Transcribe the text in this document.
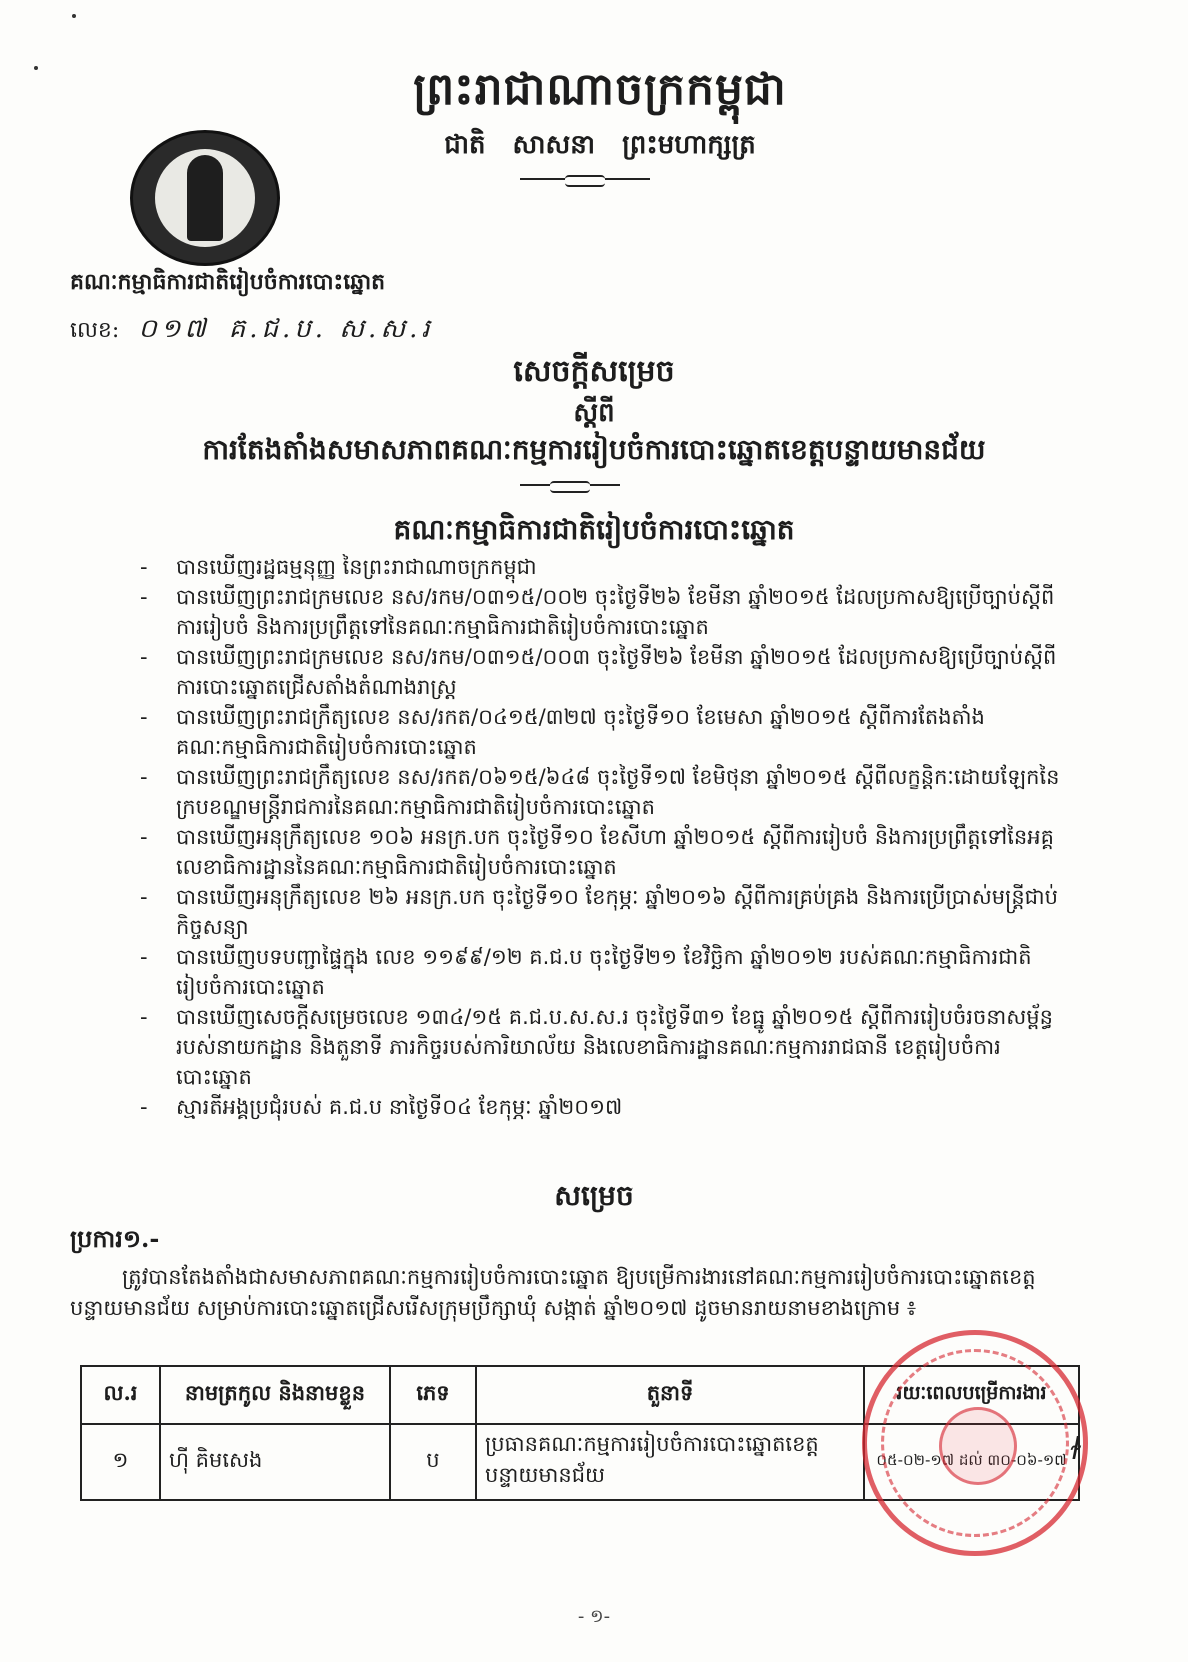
ព្រះរាជាណាចក្រកម្ពុជា
ជាតិ សាសនា ព្រះមហាក្សត្រ
គណៈកម្មាធិការជាតិរៀបចំការបោះឆ្នោត
លេខ: ០១៧ គ.ជ.ប. ស.ស.រ
សេចក្តីសម្រេច
ស្តីពី
ការតែងតាំងសមាសភាពគណៈកម្មការរៀបចំការបោះឆ្នោតខេត្តបន្ទាយមានជ័យ
គណៈកម្មាធិការជាតិរៀបចំការបោះឆ្នោត
- បានឃើញរដ្ឋធម្មនុញ្ញ នៃព្រះរាជាណាចក្រកម្ពុជា
- បានឃើញព្រះរាជក្រមលេខ នស/រកម/០៣១៥/០០២ ចុះថ្ងៃទី២៦ ខែមីនា ឆ្នាំ២០១៥ ដែលប្រកាសឱ្យប្រើច្បាប់ស្តីពីការរៀបចំ និងការប្រព្រឹត្តទៅនៃគណៈកម្មាធិការជាតិរៀបចំការបោះឆ្នោត
- បានឃើញព្រះរាជក្រមលេខ នស/រកម/០៣១៥/០០៣ ចុះថ្ងៃទី២៦ ខែមីនា ឆ្នាំ២០១៥ ដែលប្រកាសឱ្យប្រើច្បាប់ស្តីពីការបោះឆ្នោតជ្រើសតាំងតំណាងរាស្ត្រ
- បានឃើញព្រះរាជក្រឹត្យលេខ នស/រកត/០៤១៥/៣២៧ ចុះថ្ងៃទី១០ ខែមេសា ឆ្នាំ២០១៥ ស្តីពីការតែងតាំងគណៈកម្មាធិការជាតិរៀបចំការបោះឆ្នោត
- បានឃើញព្រះរាជក្រឹត្យលេខ នស/រកត/០៦១៥/៦៤៨ ចុះថ្ងៃទី១៧ ខែមិថុនា ឆ្នាំ២០១៥ ស្តីពីលក្ខន្តិកៈដោយឡែកនៃក្របខណ្ឌមន្ត្រីរាជការនៃគណៈកម្មាធិការជាតិរៀបចំការបោះឆ្នោត
- បានឃើញអនុក្រឹត្យលេខ ១០៦ អនក្រ.បក ចុះថ្ងៃទី១០ ខែសីហា ឆ្នាំ២០១៥ ស្តីពីការរៀបចំ និងការប្រព្រឹត្តទៅនៃអគ្គលេខាធិការដ្ឋាននៃគណៈកម្មាធិការជាតិរៀបចំការបោះឆ្នោត
- បានឃើញអនុក្រឹត្យលេខ ២៦ អនក្រ.បក ចុះថ្ងៃទី១០ ខែកុម្ភៈ ឆ្នាំ២០១៦ ស្តីពីការគ្រប់គ្រង និងការប្រើប្រាស់មន្ត្រីជាប់កិច្ចសន្យា
- បានឃើញបទបញ្ជាផ្ទៃក្នុង លេខ ១១៩៩/១២ គ.ជ.ប ចុះថ្ងៃទី២១ ខែវិច្ឆិកា ឆ្នាំ២០១២ របស់គណៈកម្មាធិការជាតិរៀបចំការបោះឆ្នោត
- បានឃើញសេចក្តីសម្រេចលេខ ១៣៤/១៥ គ.ជ.ប.ស.ស.រ ចុះថ្ងៃទី៣១ ខែធ្នូ ឆ្នាំ២០១៥ ស្តីពីការរៀបចំរចនាសម្ព័ន្ធរបស់នាយកដ្ឋាន និងតួនាទី ភារកិច្ចរបស់ការិយាល័យ និងលេខាធិការដ្ឋានគណៈកម្មការរាជធានី ខេត្តរៀបចំការបោះឆ្នោត
- ស្មារតីអង្គប្រជុំរបស់ គ.ជ.ប នាថ្ងៃទី០៤ ខែកុម្ភៈ ឆ្នាំ២០១៧
សម្រេច
ប្រការ១.-
ត្រូវបានតែងតាំងជាសមាសភាពគណៈកម្មការរៀបចំការបោះឆ្នោត ឱ្យបម្រើការងារនៅគណៈកម្មការរៀបចំការបោះឆ្នោតខេត្តបន្ទាយមានជ័យ សម្រាប់ការបោះឆ្នោតជ្រើសរើសក្រុមប្រឹក្សាឃុំ សង្កាត់ ឆ្នាំ២០១៧ ដូចមានរាយនាមខាងក្រោម ៖
ល.រ	នាមត្រកូល និងនាមខ្លួន	ភេទ	តួនាទី	រយៈពេលបម្រើការងារ
១	ហ៊ី គិមសេង	ប	ប្រធានគណៈកម្មការរៀបចំការបោះឆ្នោតខេត្តបន្ទាយមានជ័យ	០៥-០២-១៧ ដល់ ៣០-០៦-១៧ ɫ
- ១-
